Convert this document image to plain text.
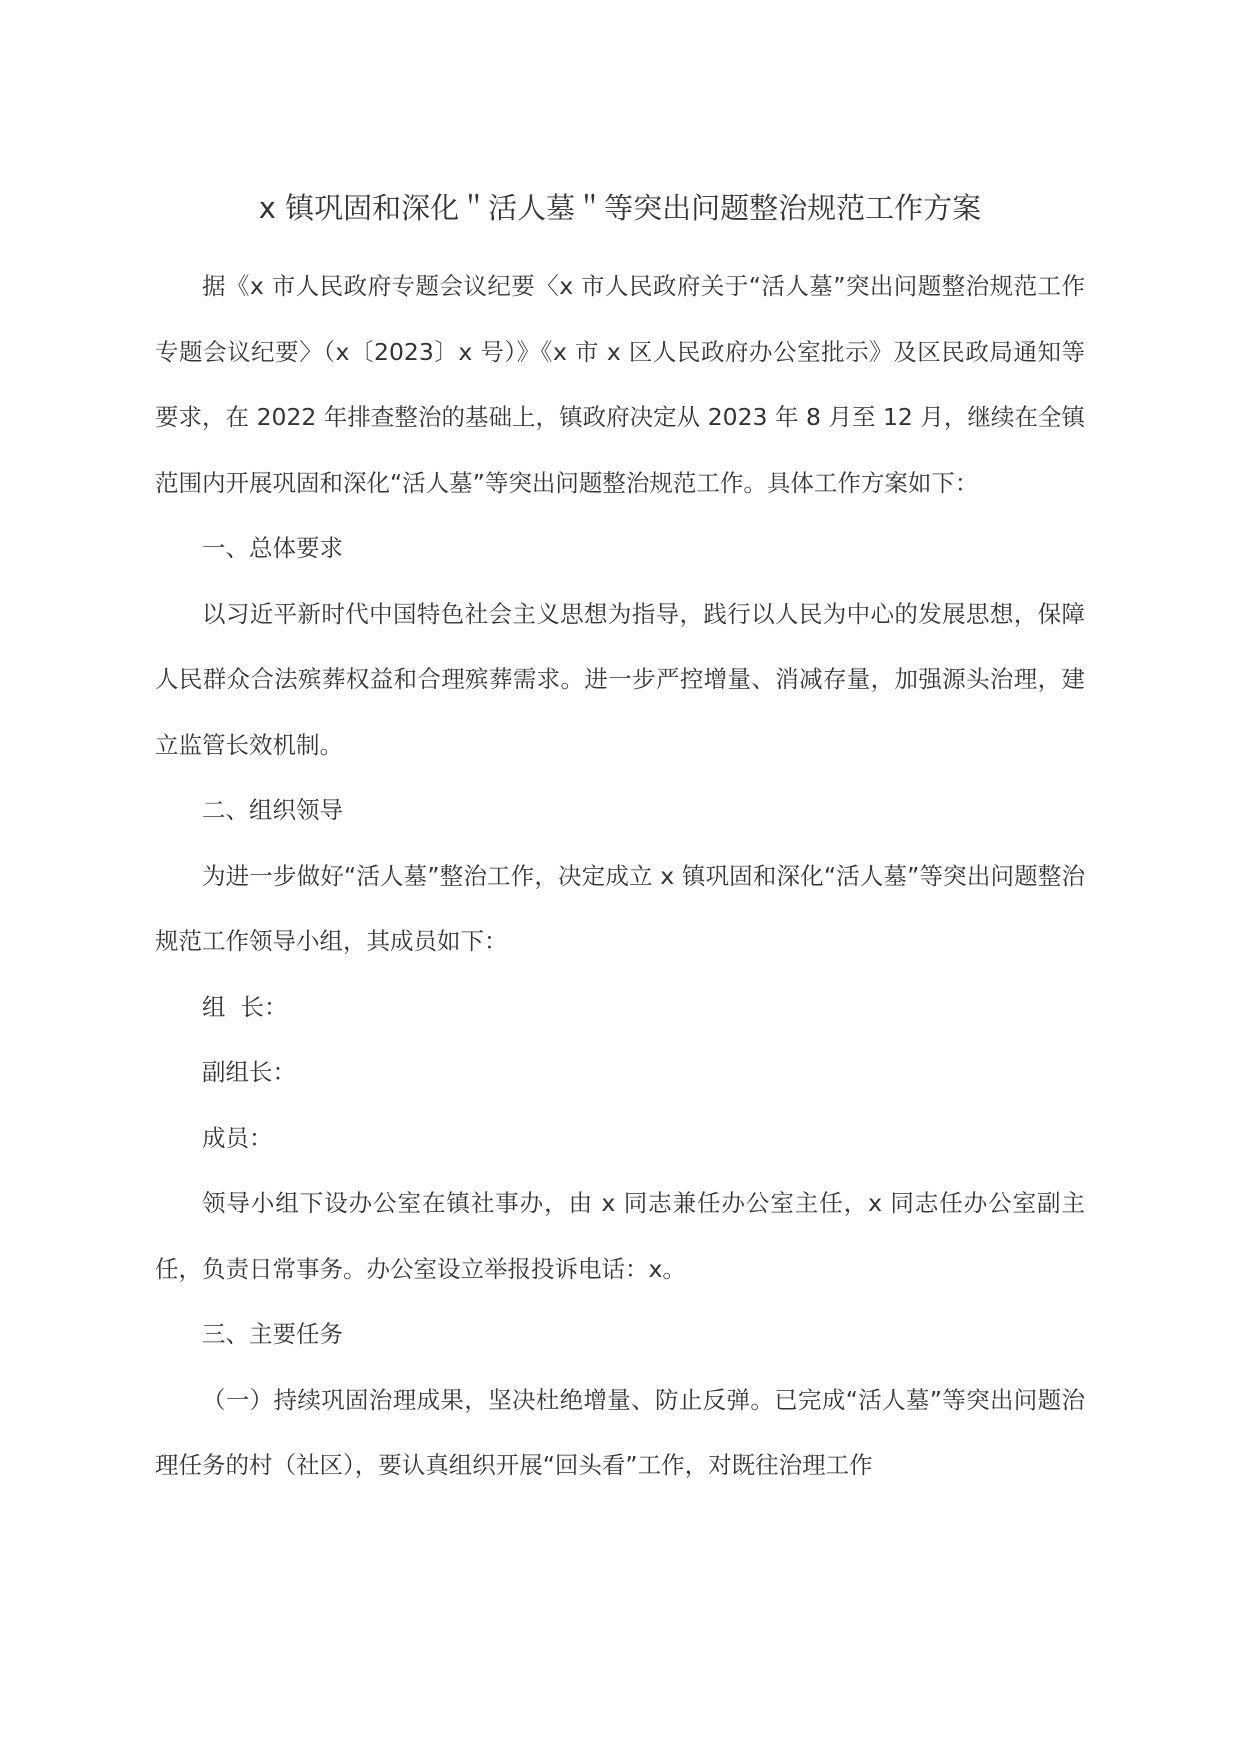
x 镇巩固和深化＂活人墓＂等突出问题整治规范工作方案

据《x 市人民政府专题会议纪要〈x 市人民政府关于“活人墓”突出问题整治规范工作专题会议纪要〉（x〔2023〕x 号）》《x 市 x 区人民政府办公室批示》及区民政局通知等要求，在 2022 年排查整治的基础上，镇政府决定从 2023 年 8 月至 12 月，继续在全镇范围内开展巩固和深化“活人墓”等突出问题整治规范工作。具体工作方案如下：

一、总体要求

以习近平新时代中国特色社会主义思想为指导，践行以人民为中心的发展思想，保障人民群众合法殡葬权益和合理殡葬需求。进一步严控增量、消减存量，加强源头治理，建立监管长效机制。

二、组织领导

为进一步做好“活人墓”整治工作，决定成立 x 镇巩固和深化“活人墓”等突出问题整治规范工作领导小组，其成员如下：

组  长：

副组长：

成员：

领导小组下设办公室在镇社事办，由 x 同志兼任办公室主任，x 同志任办公室副主任，负责日常事务。办公室设立举报投诉电话：x。

三、主要任务

（一）持续巩固治理成果，坚决杜绝增量、防止反弹。已完成“活人墓”等突出问题治理任务的村（社区），要认真组织开展“回头看”工作，对既往治理工作
